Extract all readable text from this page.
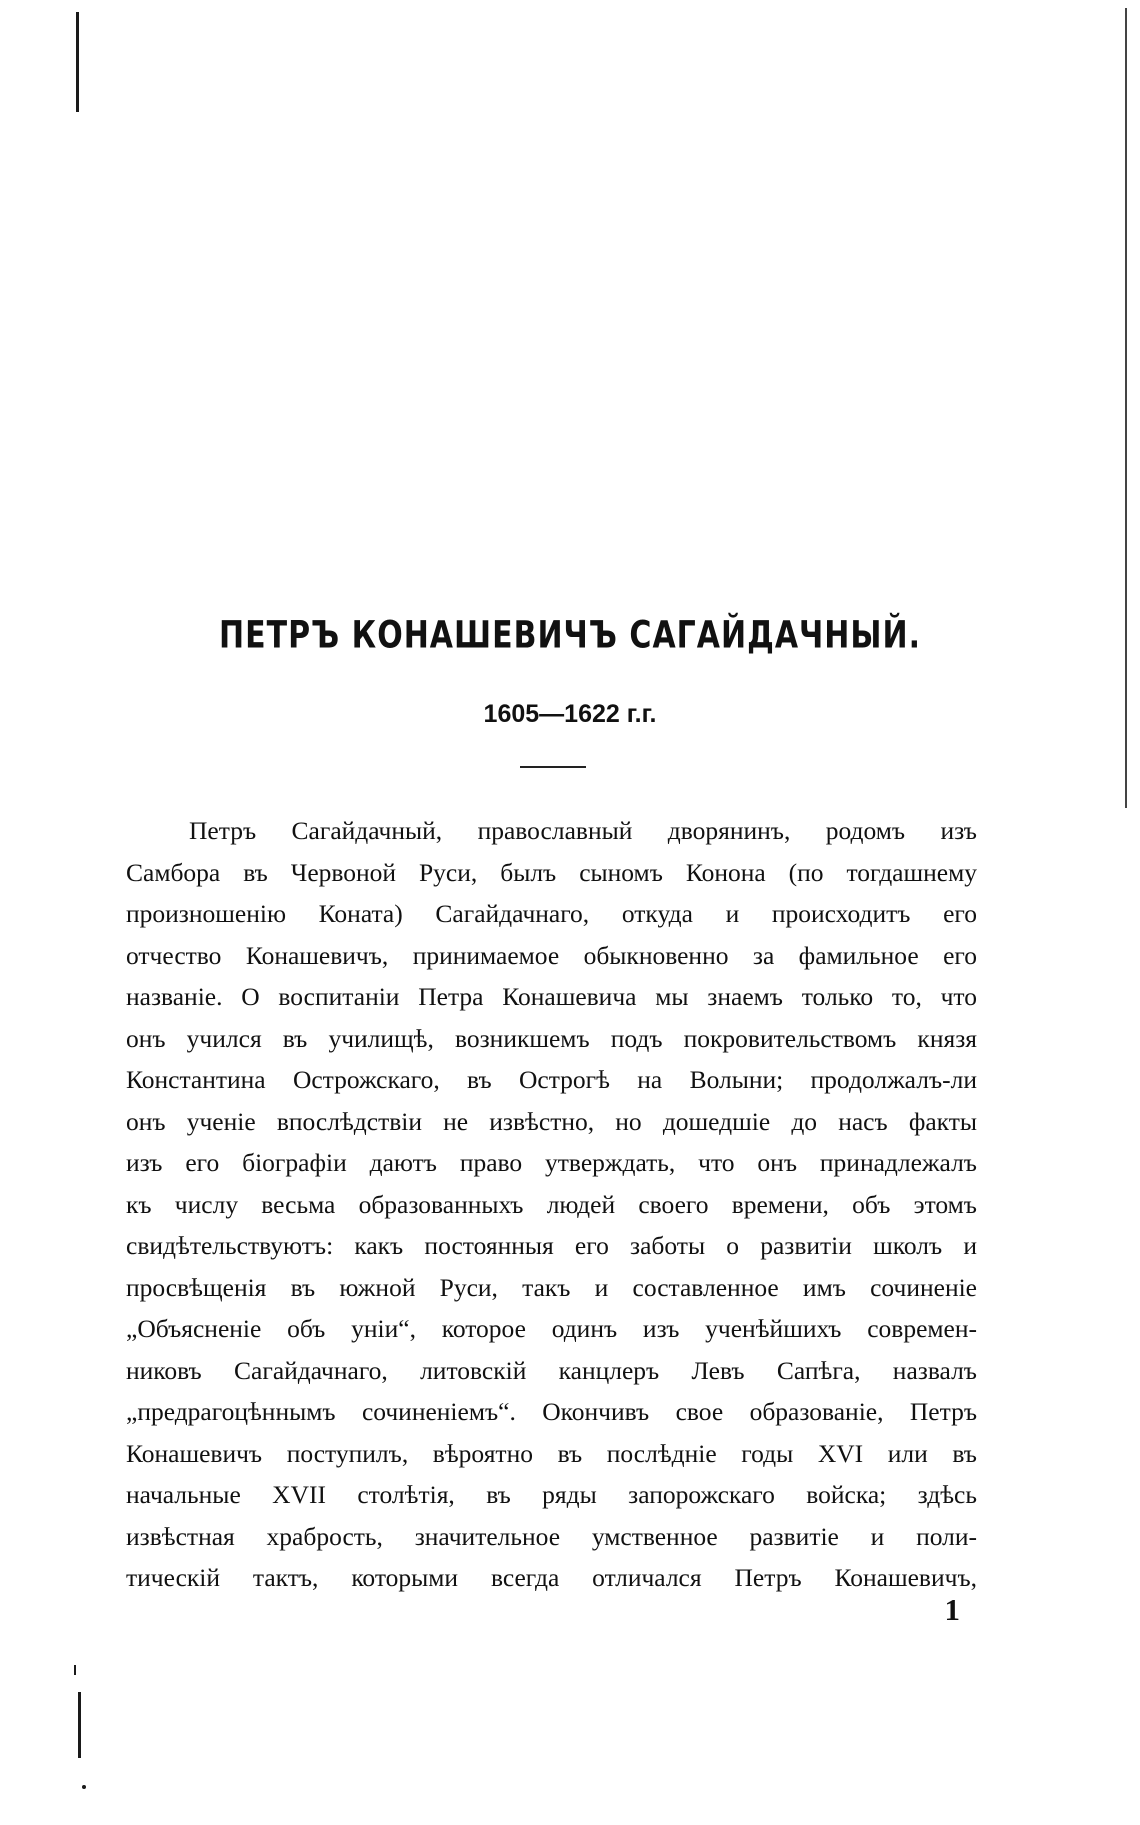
ПЕТРЪ КОНАШЕВИЧЪ САГАЙДАЧНЫЙ.

1605—1622 г.г.

Петръ Сагайдачный, православный дворянинъ, родомъ изъ
Самбора въ Червоной Руси, былъ сыномъ Конона (по тогдашнему
произношенію Коната) Сагайдачнаго, откуда и происходитъ его
отчество Конашевичъ, принимаемое обыкновенно за фамильное его
названіе. О воспитаніи Петра Конашевича мы знаемъ только то, что
онъ учился въ училищѣ, возникшемъ подъ покровительствомъ князя
Константина Острожскаго, въ Острогѣ на Волыни; продолжалъ-ли
онъ ученіе впослѣдствіи не извѣстно, но дошедшіе до насъ факты
изъ его біографіи даютъ право утверждать, что онъ принадлежалъ
къ числу весьма образованныхъ людей своего времени, объ этомъ
свидѣтельствуютъ: какъ постоянныя его заботы о развитіи школъ и
просвѣщенія въ южной Руси, такъ и составленное имъ сочиненіе
„Объясненіе объ уніи“, которое одинъ изъ ученѣйшихъ современ-
никовъ Сагайдачнаго, литовскій канцлеръ Левъ Сапѣга, назвалъ
„предрагоцѣннымъ сочиненіемъ“. Окончивъ свое образованіе, Петръ
Конашевичъ поступилъ, вѣроятно въ послѣдніе годы XVI или въ
начальные XVII столѣтія, въ ряды запорожскаго войска; здѣсь
извѣстная храбрость, значительное умственное развитіе и поли-
тическій тактъ, которыми всегда отличался Петръ Конашевичъ,

1
